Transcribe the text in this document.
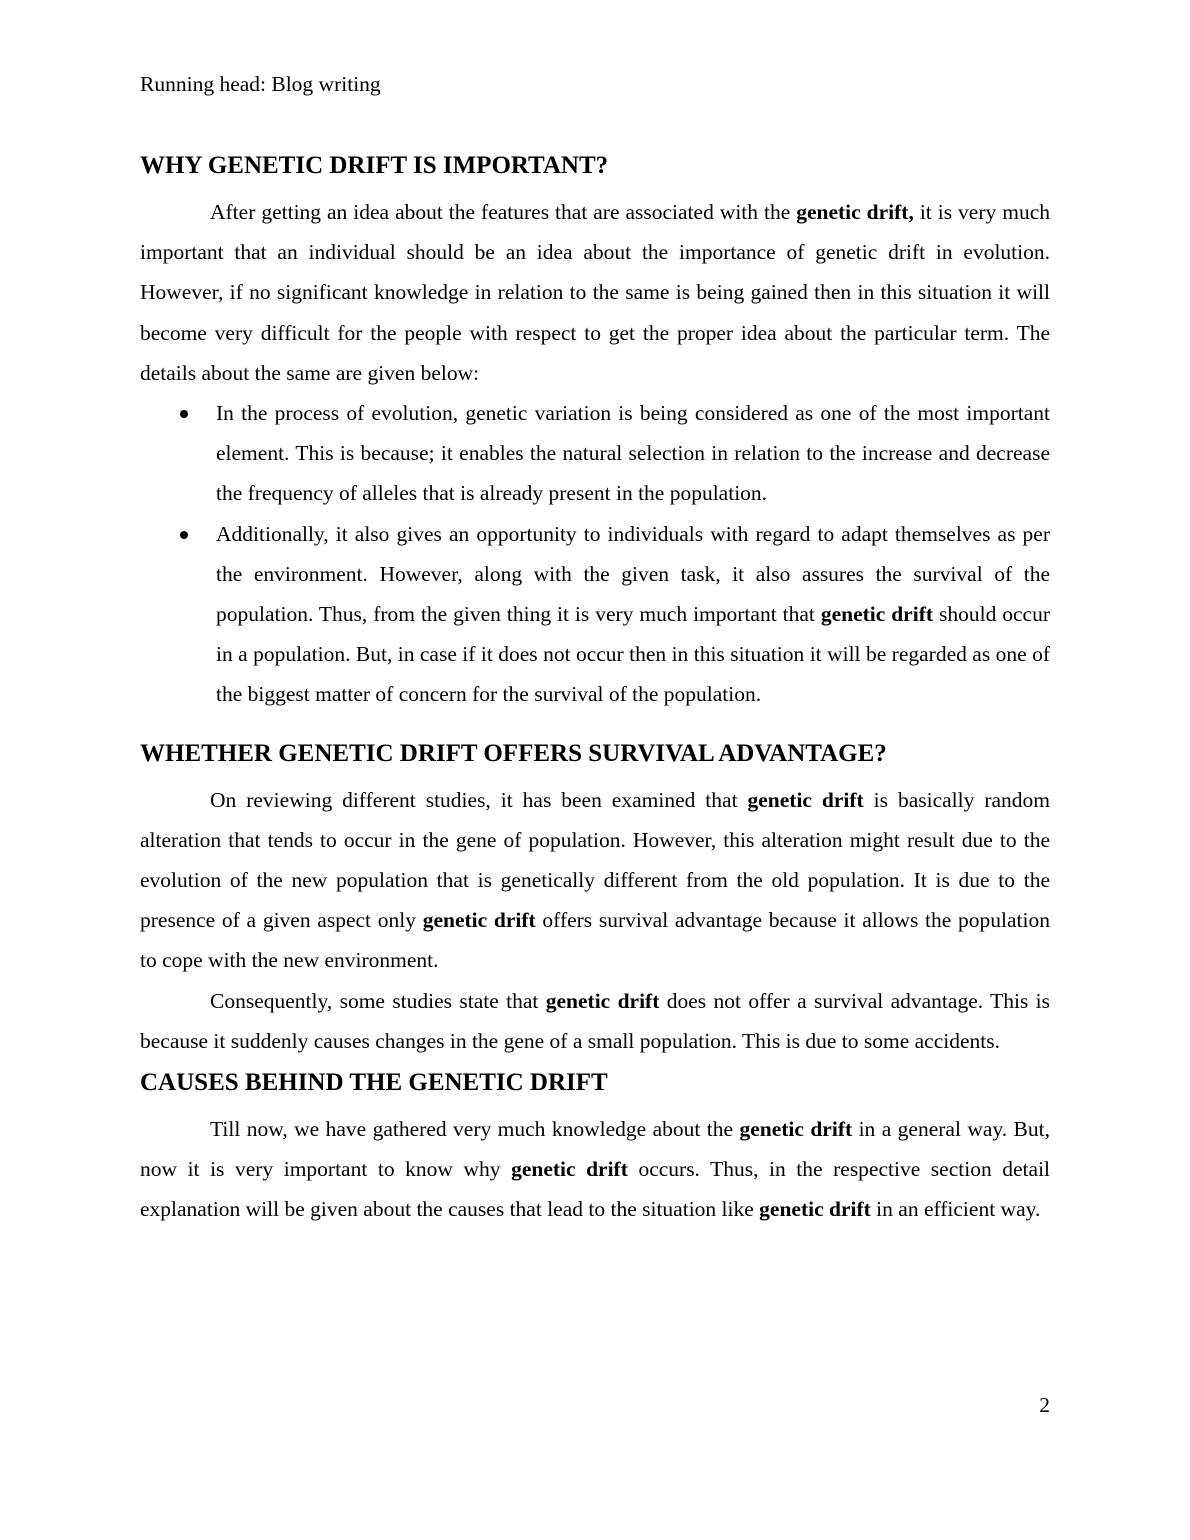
Running head: Blog writing
WHY GENETIC DRIFT IS IMPORTANT?

After getting an idea about the features that are associated with the genetic drift, it is very much important that an individual should be an idea about the importance of genetic drift in evolution. However, if no significant knowledge in relation to the same is being gained then in this situation it will become very difficult for the people with respect to get the proper idea about the particular term. The details about the same are given below:

In the process of evolution, genetic variation is being considered as one of the most important element. This is because; it enables the natural selection in relation to the increase and decrease the frequency of alleles that is already present in the population.
Additionally, it also gives an opportunity to individuals with regard to adapt themselves as per the environment. However, along with the given task, it also assures the survival of the population. Thus, from the given thing it is very much important that genetic drift should occur in a population. But, in case if it does not occur then in this situation it will be regarded as one of the biggest matter of concern for the survival of the population.
WHETHER GENETIC DRIFT OFFERS SURVIVAL ADVANTAGE?

On reviewing different studies, it has been examined that genetic drift is basically random alteration that tends to occur in the gene of population. However, this alteration might result due to the evolution of the new population that is genetically different from the old population. It is due to the presence of a given aspect only genetic drift offers survival advantage because it allows the population to cope with the new environment.

Consequently, some studies state that genetic drift does not offer a survival advantage. This is because it suddenly causes changes in the gene of a small population. This is due to some accidents.

CAUSES BEHIND THE GENETIC DRIFT

Till now, we have gathered very much knowledge about the genetic drift in a general way. But, now it is very important to know why genetic drift occurs. Thus, in the respective section detail explanation will be given about the causes that lead to the situation like genetic drift in an efficient way.

2
